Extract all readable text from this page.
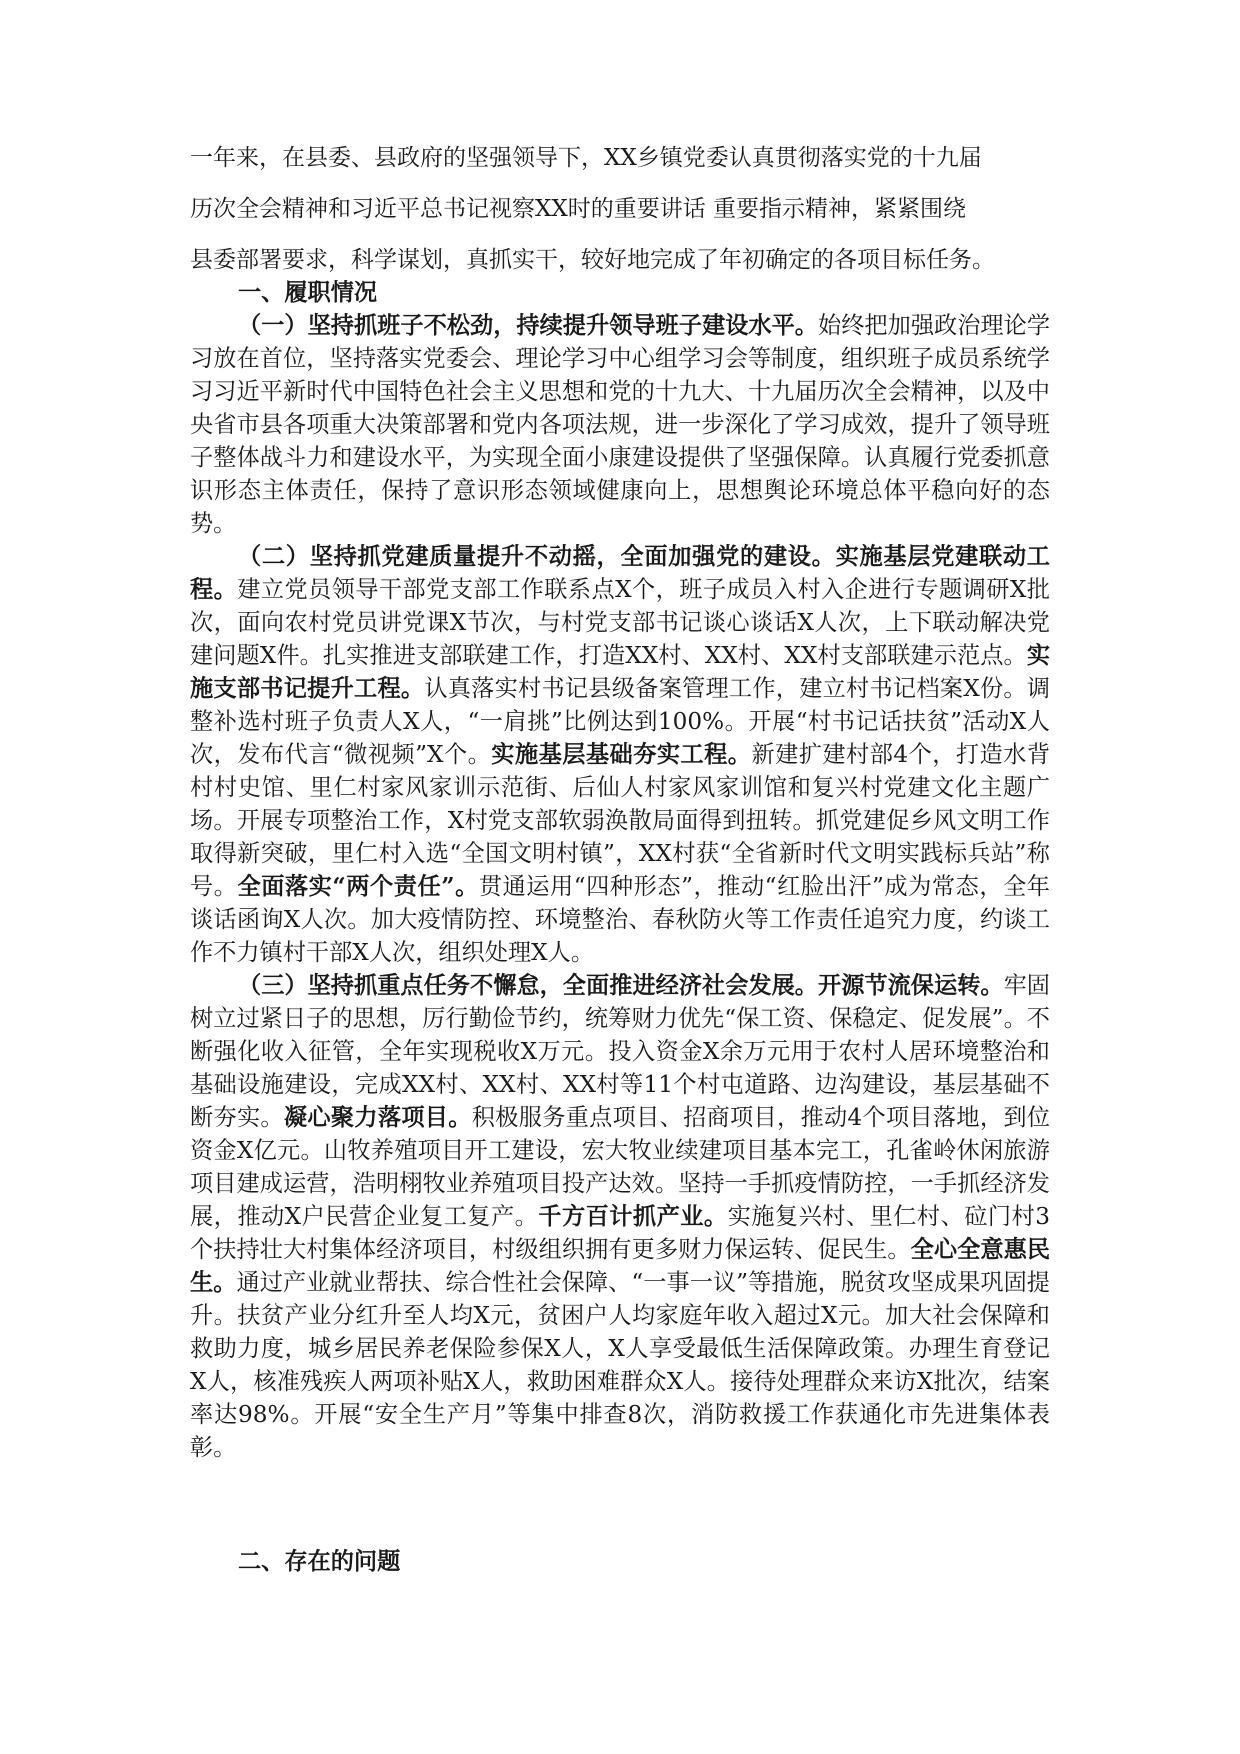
一年来，在县委、县政府的坚强领导下，XX乡镇党委认真贯彻落实党的十九届
历次全会精神和习近平总书记视察XX时的重要讲话 重要指示精神，紧紧围绕
县委部署要求，科学谋划，真抓实干，较好地完成了年初确定的各项目标任务。

一、履职情况

（一）坚持抓班子不松劲，持续提升领导班子建设水平。始终把加强政治理论学习放在首位，坚持落实党委会、理论学习中心组学习会等制度，组织班子成员系统学习习近平新时代中国特色社会主义思想和党的十九大、十九届历次全会精神，以及中央省市县各项重大决策部署和党内各项法规，进一步深化了学习成效，提升了领导班子整体战斗力和建设水平，为实现全面小康建设提供了坚强保障。认真履行党委抓意识形态主体责任，保持了意识形态领域健康向上，思想舆论环境总体平稳向好的态势。

（二）坚持抓党建质量提升不动摇，全面加强党的建设。实施基层党建联动工程。建立党员领导干部党支部工作联系点X个，班子成员入村入企进行专题调研X批次，面向农村党员讲党课X节次，与村党支部书记谈心谈话X人次，上下联动解决党建问题X件。扎实推进支部联建工作，打造XX村、XX村、XX村支部联建示范点。实施支部书记提升工程。认真落实村书记县级备案管理工作，建立村书记档案X份。调整补选村班子负责人X人，“一肩挑”比例达到100%。开展“村书记话扶贫”活动X人次，发布代言“微视频”X个。实施基层基础夯实工程。新建扩建村部4个，打造水背村村史馆、里仁村家风家训示范街、后仙人村家风家训馆和复兴村党建文化主题广场。开展专项整治工作，X村党支部软弱涣散局面得到扭转。抓党建促乡风文明工作取得新突破，里仁村入选“全国文明村镇”，XX村获“全省新时代文明实践标兵站”称号。全面落实“两个责任”。贯通运用“四种形态”，推动“红脸出汗”成为常态，全年谈话函询X人次。加大疫情防控、环境整治、春秋防火等工作责任追究力度，约谈工作不力镇村干部X人次，组织处理X人。

（三）坚持抓重点任务不懈怠，全面推进经济社会发展。开源节流保运转。牢固树立过紧日子的思想，厉行勤俭节约，统筹财力优先“保工资、保稳定、促发展”。不断强化收入征管，全年实现税收X万元。投入资金X余万元用于农村人居环境整治和基础设施建设，完成XX村、XX村、XX村等11个村屯道路、边沟建设，基层基础不断夯实。凝心聚力落项目。积极服务重点项目、招商项目，推动4个项目落地，到位资金X亿元。山牧养殖项目开工建设，宏大牧业续建项目基本完工，孔雀岭休闲旅游项目建成运营，浩明栩牧业养殖项目投产达效。坚持一手抓疫情防控，一手抓经济发展，推动X户民营企业复工复产。千方百计抓产业。实施复兴村、里仁村、砬门村3个扶持壮大村集体经济项目，村级组织拥有更多财力保运转、促民生。全心全意惠民生。通过产业就业帮扶、综合性社会保障、“一事一议”等措施，脱贫攻坚成果巩固提升。扶贫产业分红升至人均X元，贫困户人均家庭年收入超过X元。加大社会保障和救助力度，城乡居民养老保险参保X人，X人享受最低生活保障政策。办理生育登记X人，核准残疾人两项补贴X人，救助困难群众X人。接待处理群众来访X批次，结案率达98%。开展“安全生产月”等集中排查8次，消防救援工作获通化市先进集体表彰。

二、存在的问题
